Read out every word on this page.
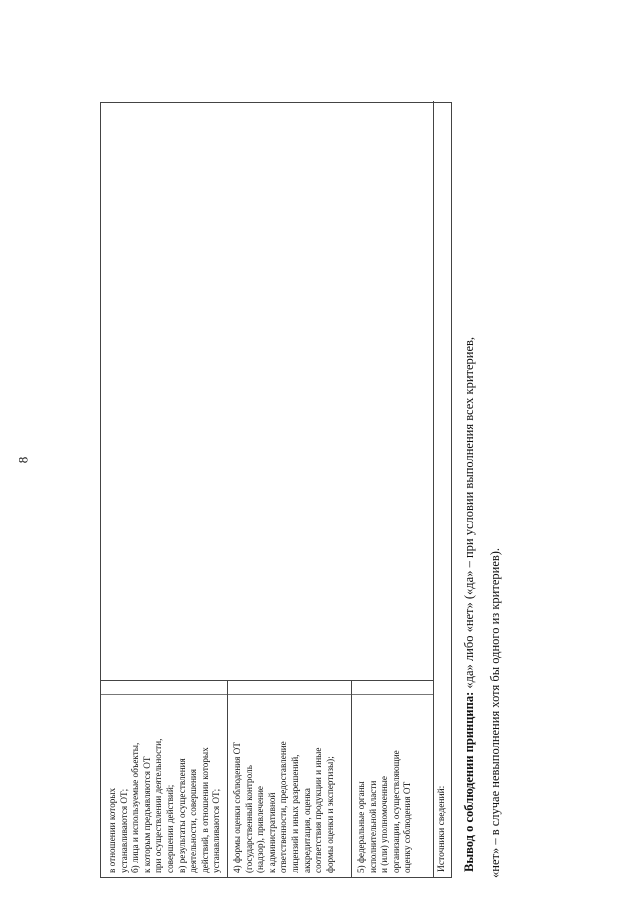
в отношении которых устанавливаются ОТ; б) лица и используемые объекты, к которым предъявляются ОТ при осуществлении деятельности, совершении действий; в) результаты осуществления деятельности, совершения действий, в отношении которых устанавливаются ОТ; 4) формы оценки соблюдения ОТ (государственный контроль (надзор), привлечение к административной ответственности, предоставление лицензий и иных разрешений, аккредитация, оценка соответствия продукции и иные формы оценки и экспертизы); 5) федеральные органы исполнительной власти и (или) уполномоченные организации, осуществляющие оценку соблюдения ОТ	Источники сведений:	Вывод о соблюдении принципа: «да» либо «нет» («да» – при условии выполнения всех критериев,
«нет» – в случае невыполнения хотя бы одного из критериев).
8
